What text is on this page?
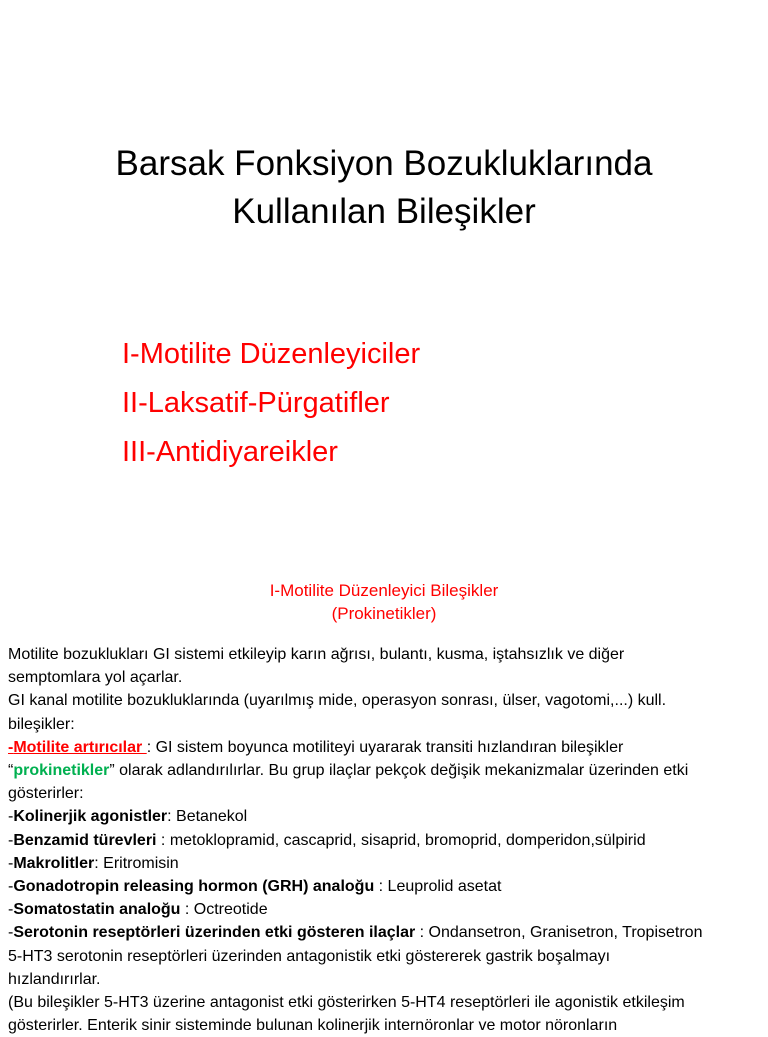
Barsak Fonksiyon Bozukluklarında
Kullanılan Bileşikler
I-Motilite Düzenleyiciler
II-Laksatif-Pürgatifler
III-Antidiyareikler
I-Motilite Düzenleyici Bileşikler
(Prokinetikler)
Motilite bozuklukları GI sistemi etkileyip karın ağrısı, bulantı, kusma, iştahsızlık ve diğer
semptomlara yol açarlar.
GI kanal motilite bozukluklarında (uyarılmış mide, operasyon sonrası, ülser, vagotomi,...) kull.
bileşikler:
-Motilite artırıcılar : GI sistem boyunca motiliteyi uyararak transiti hızlandıran bileşikler
“prokinetikler” olarak adlandırılırlar. Bu grup ilaçlar pekçok değişik mekanizmalar üzerinden etki
gösterirler:
-Kolinerjik agonistler: Betanekol
-Benzamid türevleri : metoklopramid, cascaprid, sisaprid, bromoprid, domperidon,sülpirid
-Makrolitler: Eritromisin
-Gonadotropin releasing hormon (GRH) analoğu : Leuprolid asetat
-Somatostatin analoğu : Octreotide
-Serotonin reseptörleri üzerinden etki gösteren ilaçlar : Ondansetron, Granisetron, Tropisetron
5-HT3 serotonin reseptörleri üzerinden antagonistik etki göstererek gastrik boşalmayı
hızlandırırlar.
(Bu bileşikler 5-HT3 üzerine antagonist etki gösterirken 5-HT4 reseptörleri ile agonistik etkileşim
gösterirler. Enterik sinir sisteminde bulunan kolinerjik internöronlar ve motor nöronların
